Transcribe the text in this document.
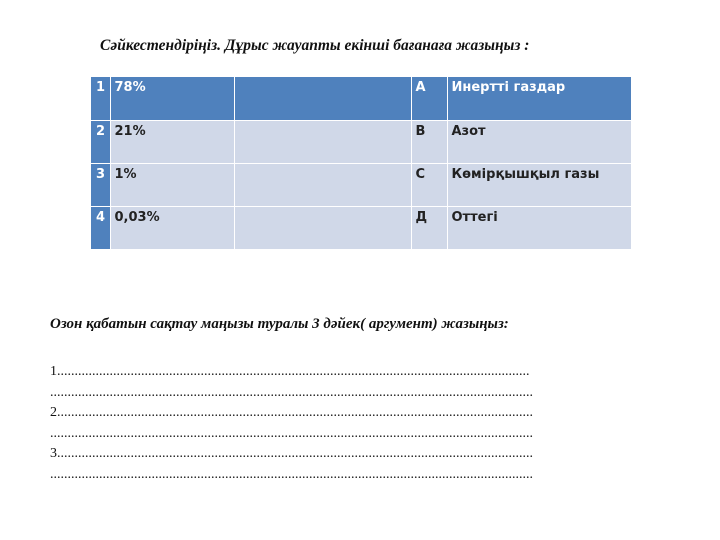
Сәйкестендіріңіз. Дұрыс жауапты екінші бағанаға жазыңыз :
1	78%		А	Инертті газдар
2	21%		В	Азот
3	1%		С	Көмірқышқыл газы
4	0,03%		Д	Оттегі
Озон қабатын сақтау маңызы туралы 3 дәйек( аргумент) жазыңыз:
1.......................................................................................................................................
..........................................................................................................................................
2........................................................................................................................................
..........................................................................................................................................
3........................................................................................................................................
..........................................................................................................................................
